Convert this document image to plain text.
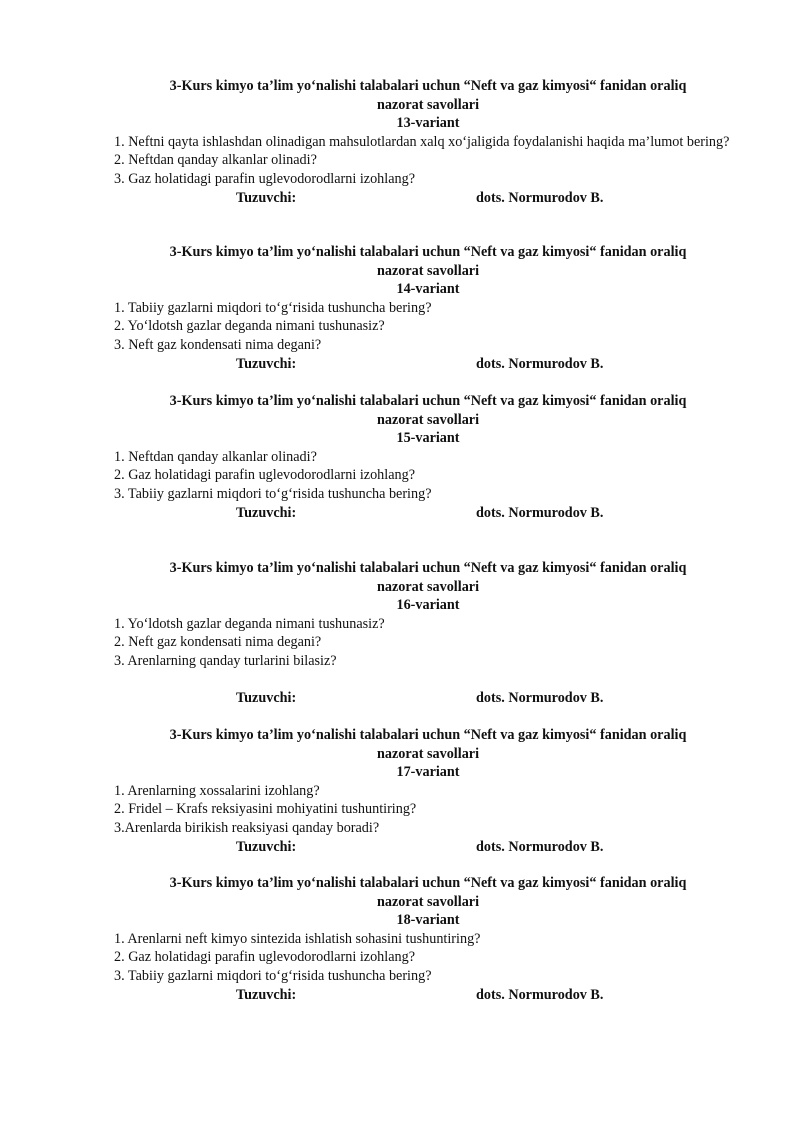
3-Kurs kimyo ta’lim yo‘nalishi talabalari uchun “Neft va gaz kimyosi“ fanidan oraliq
nazorat savollari
13-variant
1. Neftni qayta ishlashdan olinadigan mahsulotlardan xalq xo‘jaligida foydalanishi haqida ma’lumot bering?
2. Neftdan qanday alkanlar olinadi?
3. Gaz holatidagi parafin uglevodorodlarni izohlang?
Tuzuvchi:	dots. Normurodov B.
3-Kurs kimyo ta’lim yo‘nalishi talabalari uchun “Neft va gaz kimyosi“ fanidan oraliq
nazorat savollari
14-variant
1. Tabiiy gazlarni miqdori to‘g‘risida tushuncha bering?
2. Yo‘ldotsh gazlar deganda nimani tushunasiz?
3. Neft gaz kondensati nima degani?
Tuzuvchi:	dots. Normurodov B.
3-Kurs kimyo ta’lim yo‘nalishi talabalari uchun “Neft va gaz kimyosi“ fanidan oraliq
nazorat savollari
15-variant
1. Neftdan qanday alkanlar olinadi?
2. Gaz holatidagi parafin uglevodorodlarni izohlang?
3. Tabiiy gazlarni miqdori to‘g‘risida tushuncha bering?
Tuzuvchi:	dots. Normurodov B.
3-Kurs kimyo ta’lim yo‘nalishi talabalari uchun “Neft va gaz kimyosi“ fanidan oraliq
nazorat savollari
16-variant
1. Yo‘ldotsh gazlar deganda nimani tushunasiz?
2. Neft gaz kondensati nima degani?
3. Arenlarning qanday turlarini bilasiz?
Tuzuvchi:	dots. Normurodov B.
3-Kurs kimyo ta’lim yo‘nalishi talabalari uchun “Neft va gaz kimyosi“ fanidan oraliq
nazorat savollari
17-variant
1. Arenlarning xossalarini izohlang?
2. Fridel – Krafs reksiyasini mohiyatini tushuntiring?
3.Arenlarda birikish reaksiyasi qanday boradi?
Tuzuvchi:	dots. Normurodov B.
3-Kurs kimyo ta’lim yo‘nalishi talabalari uchun “Neft va gaz kimyosi“ fanidan oraliq
nazorat savollari
18-variant
1. Arenlarni neft kimyo sintezida ishlatish sohasini tushuntiring?
2. Gaz holatidagi parafin uglevodorodlarni izohlang?
3. Tabiiy gazlarni miqdori to‘g‘risida tushuncha bering?
Tuzuvchi:	dots. Normurodov B.
